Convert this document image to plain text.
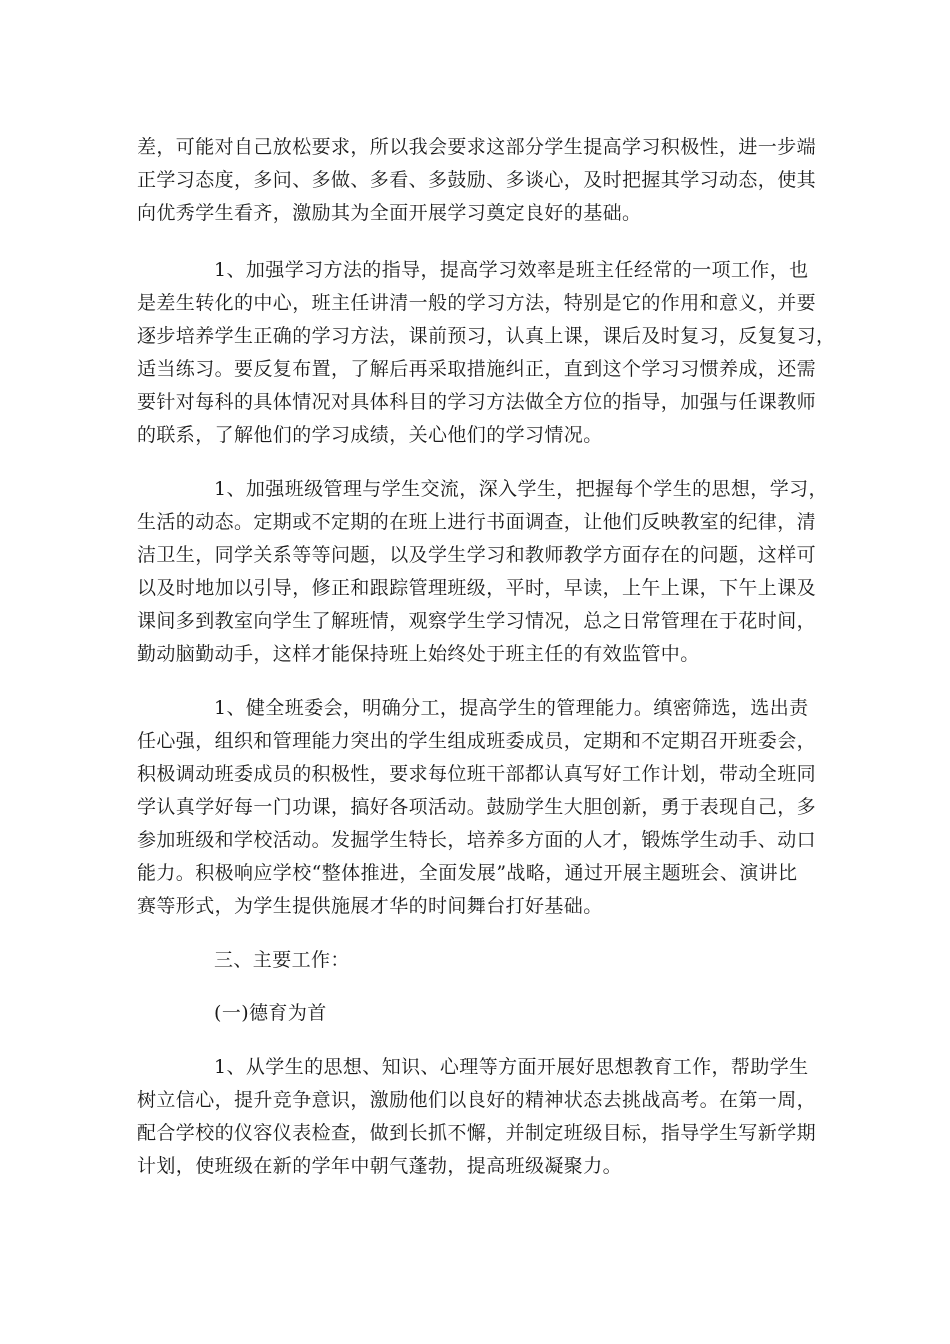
差，可能对自己放松要求，所以我会要求这部分学生提高学习积极性，进一步端
正学习态度，多问、多做、多看、多鼓励、多谈心，及时把握其学习动态，使其
向优秀学生看齐，激励其为全面开展学习奠定良好的基础。
1、加强学习方法的指导，提高学习效率是班主任经常的一项工作，也
是差生转化的中心，班主任讲清一般的学习方法，特别是它的作用和意义，并要
逐步培养学生正确的学习方法，课前预习，认真上课，课后及时复习，反复复习，
适当练习。要反复布置，了解后再采取措施纠正，直到这个学习习惯养成，还需
要针对每科的具体情况对具体科目的学习方法做全方位的指导，加强与任课教师
的联系，了解他们的学习成绩，关心他们的学习情况。
1、加强班级管理与学生交流，深入学生，把握每个学生的思想，学习，
生活的动态。定期或不定期的在班上进行书面调查，让他们反映教室的纪律，清
洁卫生，同学关系等等问题，以及学生学习和教师教学方面存在的问题，这样可
以及时地加以引导，修正和跟踪管理班级，平时，早读，上午上课，下午上课及
课间多到教室向学生了解班情，观察学生学习情况，总之日常管理在于花时间，
勤动脑勤动手，这样才能保持班上始终处于班主任的有效监管中。
1、健全班委会，明确分工，提高学生的管理能力。缜密筛选，选出责
任心强，组织和管理能力突出的学生组成班委成员，定期和不定期召开班委会，
积极调动班委成员的积极性，要求每位班干部都认真写好工作计划，带动全班同
学认真学好每一门功课，搞好各项活动。鼓励学生大胆创新，勇于表现自己，多
参加班级和学校活动。发掘学生特长，培养多方面的人才，锻炼学生动手、动口
能力。积极响应学校“整体推进，全面发展”战略，通过开展主题班会、演讲比
赛等形式，为学生提供施展才华的时间舞台打好基础。
三、主要工作：
(一)德育为首
1、从学生的思想、知识、心理等方面开展好思想教育工作，帮助学生
树立信心，提升竞争意识，激励他们以良好的精神状态去挑战高考。在第一周，
配合学校的仪容仪表检查，做到长抓不懈，并制定班级目标，指导学生写新学期
计划，使班级在新的学年中朝气蓬勃，提高班级凝聚力。
